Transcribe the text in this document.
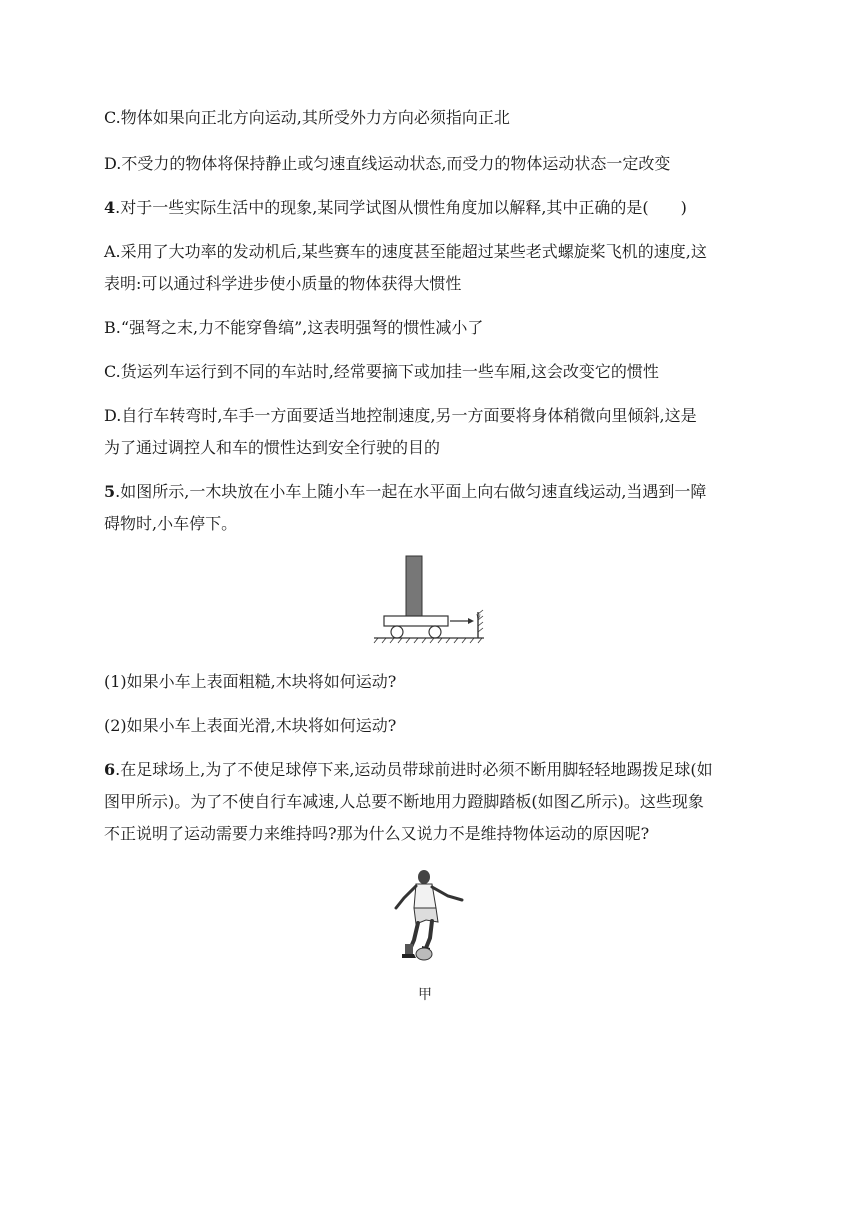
C.物体如果向正北方向运动,其所受外力方向必须指向正北

D.不受力的物体将保持静止或匀速直线运动状态,而受力的物体运动状态一定改变

4.对于一些实际生活中的现象,某同学试图从惯性角度加以解释,其中正确的是(　　)

A.采用了大功率的发动机后,某些赛车的速度甚至能超过某些老式螺旋桨飞机的速度,这

表明:可以通过科学进步使小质量的物体获得大惯性

B.“强弩之末,力不能穿鲁缟”,这表明强弩的惯性减小了

C.货运列车运行到不同的车站时,经常要摘下或加挂一些车厢,这会改变它的惯性

D.自行车转弯时,车手一方面要适当地控制速度,另一方面要将身体稍微向里倾斜,这是

为了通过调控人和车的惯性达到安全行驶的目的

5.如图所示,一木块放在小车上随小车一起在水平面上向右做匀速直线运动,当遇到一障

碍物时,小车停下。

v

(1)如果小车上表面粗糙,木块将如何运动?

(2)如果小车上表面光滑,木块将如何运动?

6.在足球场上,为了不使足球停下来,运动员带球前进时必须不断用脚轻轻地踢拨足球(如

图甲所示)。为了不使自行车减速,人总要不断地用力蹬脚踏板(如图乙所示)。这些现象

不正说明了运动需要力来维持吗?那为什么又说力不是维持物体运动的原因呢?

甲
